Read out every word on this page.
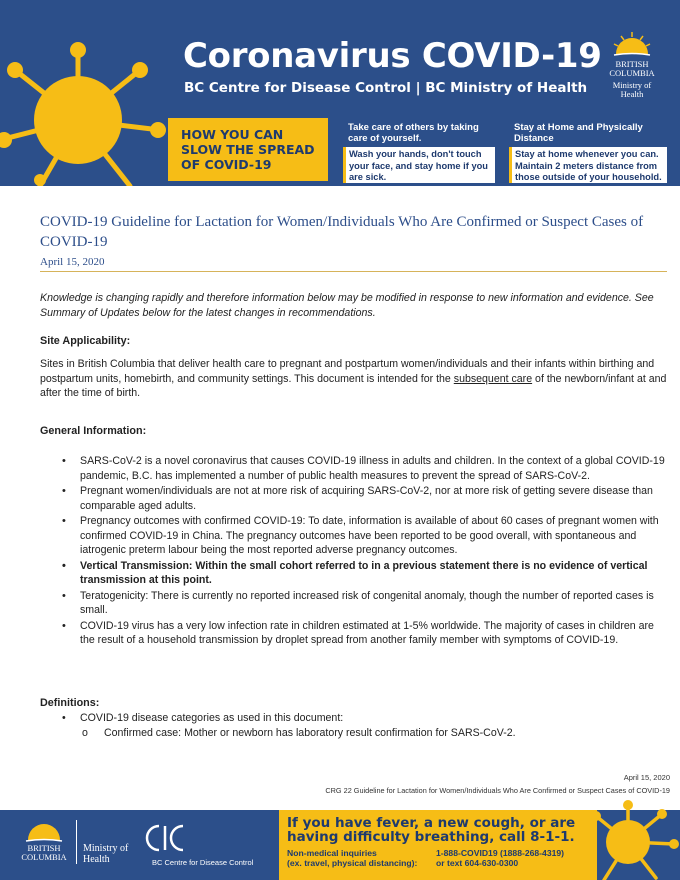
Coronavirus COVID-19
BC Centre for Disease Control | BC Ministry of Health
BRITISH
COLUMBIA
Ministry of
Health
HOW YOU CAN SLOW THE SPREAD OF COVID-19
Take care of others by taking care of yourself.
Wash your hands, don't touch your face, and stay home if you are sick.
Stay at Home and Physically Distance
Stay at home whenever you can. Maintain 2 meters distance from those outside of your household.
COVID-19 Guideline for Lactation for Women/Individuals Who Are Confirmed or Suspect Cases of COVID-19
April 15, 2020
Knowledge is changing rapidly and therefore information below may be modified in response to new information and evidence. See Summary of Updates below for the latest changes in recommendations.
Site Applicability:
Sites in British Columbia that deliver health care to pregnant and postpartum women/individuals and their infants within birthing and postpartum units, homebirth, and community settings. This document is intended for the subsequent care of the newborn/infant at and after the time of birth.
General Information:
• SARS-CoV-2 is a novel coronavirus that causes COVID-19 illness in adults and children. In the context of a global COVID-19 pandemic, B.C. has implemented a number of public health measures to prevent the spread of SARS-CoV-2.
• Pregnant women/individuals are not at more risk of acquiring SARS-CoV-2, nor at more risk of getting severe disease than comparable aged adults.
• Pregnancy outcomes with confirmed COVID-19: To date, information is available of about 60 cases of pregnant women with confirmed COVID-19 in China. The pregnancy outcomes have been reported to be good overall, with spontaneous and iatrogenic preterm labour being the most reported adverse pregnancy outcomes.
• Vertical Transmission: Within the small cohort referred to in a previous statement there is no evidence of vertical transmission at this point.
• Teratogenicity: There is currently no reported increased risk of congenital anomaly, though the number of reported cases is small.
• COVID-19 virus has a very low infection rate in children estimated at 1-5% worldwide. The majority of cases in children are the result of a household transmission by droplet spread from another family member with symptoms of COVID-19.
Definitions:
• COVID-19 disease categories as used in this document:
o Confirmed case: Mother or newborn has laboratory result confirmation for SARS-CoV-2.
April 15, 2020
CRG 22 Guideline for Lactation for Women/Individuals Who Are Confirmed or Suspect Cases of COVID-19
BRITISH
COLUMBIA
Ministry of Health	BC Centre for Disease Control
If you have fever, a new cough, or are having difficulty breathing, call 8-1-1.
Non-medical inquiries
(ex. travel, physical distancing):
1-888-COVID19 (1888-268-4319)
or text 604-630-0300
